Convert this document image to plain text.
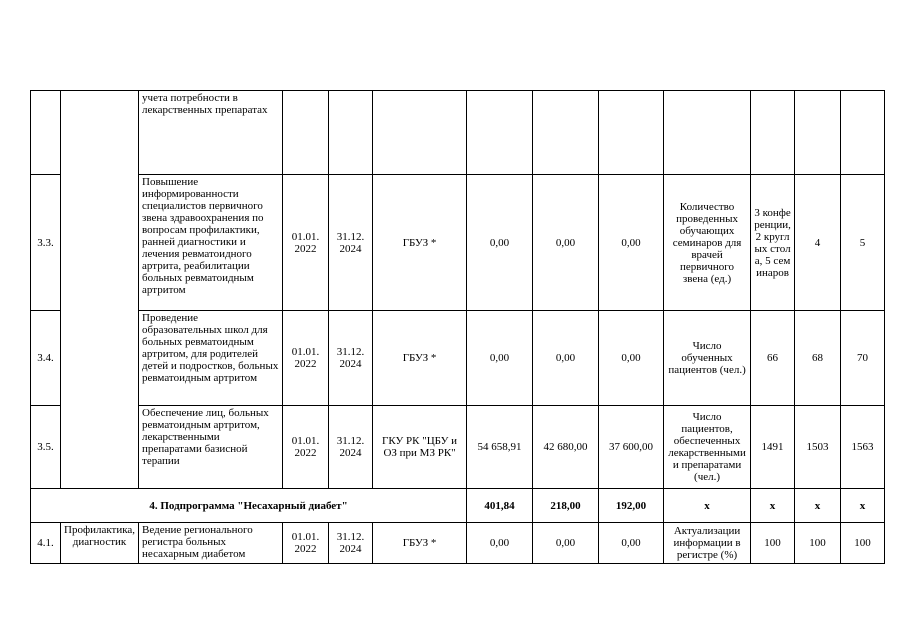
		учета потребности в лекарственных препаратах										
3.3.		Повышение информированности специалистов первичного звена здравоохранения по вопросам профилактики, ранней диагностики и лечения ревматоидного артрита, реабилитации больных ревматоидным артритом	01.01. 2022	31.12. 2024	ГБУЗ *	0,00	0,00	0,00	Количество проведенных обучающих семинаров для врачей первичного звена (ед.)	3 конференции, 2 круглых стола, 5 семинаров	4	5
3.4.		Проведение образовательных школ для больных ревматоидным артритом, для родителей детей и подростков, больных ревматоидным артритом	01.01. 2022	31.12. 2024	ГБУЗ *	0,00	0,00	0,00	Число обученных пациентов (чел.)	66	68	70
3.5.		Обеспечение лиц, больных ревматоидным артритом, лекарственными препаратами базисной терапии	01.01. 2022	31.12. 2024	ГКУ РК "ЦБУ и ОЗ при МЗ РК"	54 658,91	42 680,00	37 600,00	Число пациентов, обеспеченных лекарственными и препаратами (чел.)	1491	1503	1563
4. Подпрограмма "Несахарный диабет"						401,84	218,00	192,00	x	x	x	x
4.1.	Профилактика, диагностик	Ведение регионального регистра больных несахарным диабетом	01.01. 2022	31.12. 2024	ГБУЗ *	0,00	0,00	0,00	Актуализации информации в регистре (%)	100	100	100
